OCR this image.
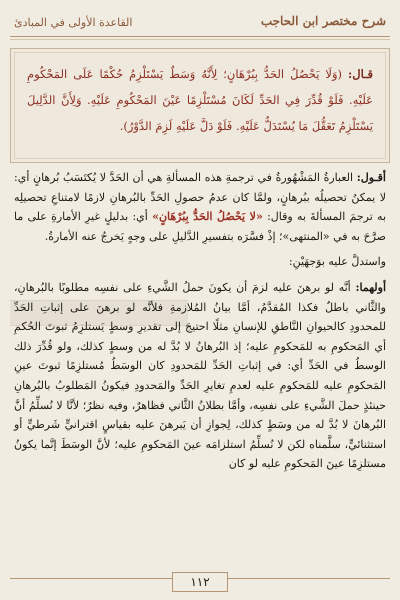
شرح مختصر ابن الحاجب
القاعدة الأولى في المبادئ
قـال: (وَلَا يَحْصُلُ الحَدُّ بِبُرْهَانٍ؛ لِأَنَّهُ وَسَطٌ يَسْتَلْزِمُ حُكْمًا عَلَى المَحْكُومِ عَلَيْهِ. فَلَوْ قُدِّرَ فِي الحَدِّ لَكَانَ مُسْتَلْزِمًا عَيْنَ المَحْكُومِ عَلَيْهِ. وَلِأَنَّ الدَّلِيلَ يَسْتَلْزِمُ تَعَقُّلَ مَا يُسْتَدَلُّ عَلَيْهِ. فَلَوْ دَلَّ عَلَيْهِ لَزِمَ الدَّوْرُ).

أقـول: العبارةُ المَشْهُورةُ في ترجمةِ هذه المسألةِ هي أن الحَدَّ لا يُكتَسَبُ بُرهانٍ أي: لا يمكنُ تحصيلُه ببُرهانٍ، ولمَّا كان عدمُ حصولِ الحَدِّ بالبُرهانِ لازمًا لامتناعِ تحصيلِه به ترجمَ المسألةَ به وقال: «لا يَحْصُلُ الحَدُّ بِبُرْهَانٍ» أي: بدليلٍ غيرِ الأمارةِ على ما صرَّحَ به في «المنتهى»؛ إذْ فسَّرَه بتفسيرِ الدَّليلِ على وجهٍ يَخرجُ عنه الأمارةُ.

واستدلَّ عليه بوَجهَيْنِ:

أولهما: أنَّه لو برهنَ عليه لزمَ أن يكونَ حملُ الشَّيءِ على نفسِه مطلوبًا بالبُرهانِ، والثَّاني باطلٌ فكذا المُقدَّمُ، أمَّا بيانُ المُلازمةِ فلأنَّه لو برهنَ على إثباتِ الحَدِّ للمحدودِ كالحيوانِ النَّاطقِ للإنسانِ مثلًا احتيجَ إلى تقديرِ وسطٍ يَستلزِمُ ثبوتَ الحُكمِ أي المَحكومِ به للمَحكومِ عليه؛ إذ البُرهانُ لا بُدَّ له من وسطٍ كذلك، ولو قُدِّرَ ذلك الوسطُ في الحَدِّ أي: في إثباتِ الحَدِّ للمَحدودِ كان الوسَطُ مُستلزِمًا ثبوتَ عينِ المَحكومِ عليه للمَحكومِ عليه لعدمِ تغايرِ الحَدِّ والمَحدودِ فيكونُ المَطلوبُ بالبُرهانِ حينئذٍ حملَ الشَّيءِ على نفسِه، وأمَّا بطلانُ الثَّاني فظاهرٌ، وفيه نظرٌ؛ لأنَّا لا نُسلِّمُ أنَّ البُرهانَ لا بُدَّ له من وسَطٍ كذلك، لِجوازِ أن يَبرهنَ عليه بقياسٍ اقترانيٍّ شَرطيٍّ أو استثنائيٍّ، سلَّمناه لكن لا نُسلِّمُ استلزامَه عينَ المَحكومِ عليه؛ لأنَّ الوسَطَ إنَّما يكونُ مستلزِمًا عينَ المَحكومِ عليه لو كان

١١٢
